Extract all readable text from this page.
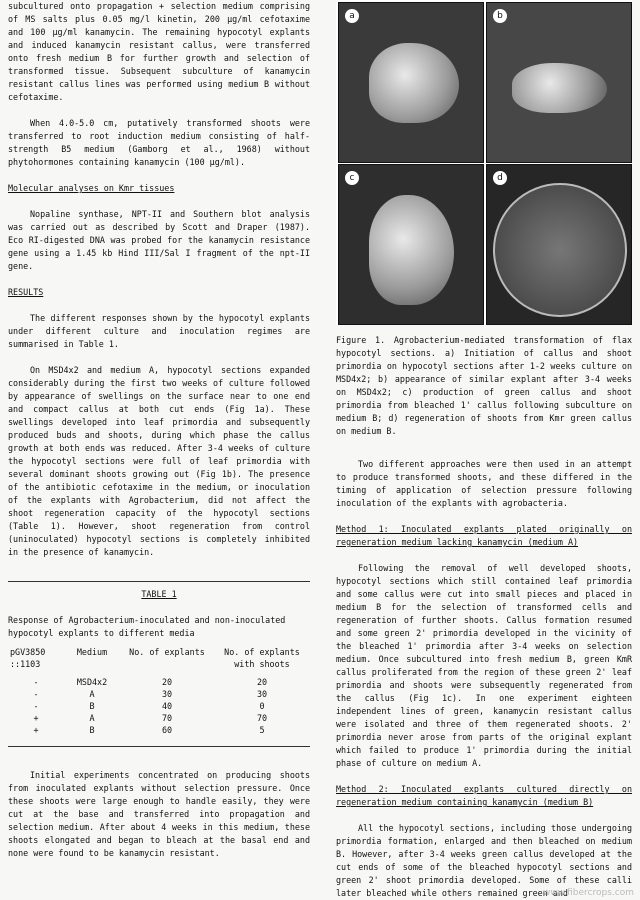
subcultured onto propagation + selection medium comprising of MS salts plus 0.05 mg/l kinetin, 200 µg/ml cefotaxime and 100 µg/ml kanamycin. The remaining hypocotyl explants and induced kanamycin resistant callus, were transferred onto fresh medium B for further growth and selection of transformed tissue. Subsequent subculture of kanamycin resistant callus lines was performed using medium B without cefotaxime.

When 4.0-5.0 cm, putatively transformed shoots were transferred to root induction medium consisting of half-strength B5 medium (Gamborg et al., 1968) without phytohormones containing kanamycin (100 µg/ml).

Molecular analyses on Kmr tissues

Nopaline synthase, NPT-II and Southern blot analysis was carried out as described by Scott and Draper (1987). Eco RI-digested DNA was probed for the kanamycin resistance gene using a 1.45 kb Hind III/Sal I fragment of the npt-II gene.

RESULTS

The different responses shown by the hypocotyl explants under different culture and inoculation regimes are summarised in Table 1.

On MSD4x2 and medium A, hypocotyl sections expanded considerably during the first two weeks of culture followed by appearance of swellings on the surface near to one end and compact callus at both cut ends (Fig 1a). These swellings developed into leaf primordia and subsequently produced buds and shoots, during which phase the callus growth at both ends was reduced. After 3-4 weeks of culture the hypocotyl sections were full of leaf primordia with several dominant shoots growing out (Fig 1b). The presence of the antibiotic cefotaxime in the medium, or inoculation of the explants with Agrobacterium, did not affect the shoot regeneration capacity of the hypocotyl sections (Table 1). However, shoot regeneration from control (uninoculated) hypocotyl sections is completely inhibited in the presence of kanamycin.

TABLE 1

Response of Agrobacterium-inoculated and non-inoculated hypocotyl explants to different media

pGV3850 ::1103	Medium	No. of explants	No. of explants with shoots

-	MSD4x2	20	20
-	A	30	30
-	B	40	0
+	A	70	70
+	B	60	5

Initial experiments concentrated on producing shoots from inoculated explants without selection pressure. Once these shoots were large enough to handle easily, they were cut at the base and transferred into propagation and selection medium. After about 4 weeks in this medium, these shoots elongated and began to bleach at the basal end and none were found to be kanamycin resistant.

a	b
c	d

Figure 1. Agrobacterium-mediated transformation of flax hypocotyl sections. a) Initiation of callus and shoot primordia on hypocotyl sections after 1-2 weeks culture on MSD4x2; b) appearance of similar explant after 3-4 weeks on MSD4x2; c) production of green callus and shoot primordia from bleached 1' callus following subculture on medium B; d) regeneration of shoots from Kmr green callus on medium B.

Two different approaches were then used in an attempt to produce transformed shoots, and these differed in the timing of application of selection pressure following inoculation of the explants with agrobacteria.

Method 1: Inoculated explants plated originally on regeneration medium lacking kanamycin (medium A)

Following the removal of well developed shoots, hypocotyl sections which still contained leaf primordia and some callus were cut into small pieces and placed in medium B for the selection of transformed cells and regeneration of further shoots. Callus formation resumed and some green 2' primordia developed in the vicinity of the bleached 1' primordia after 3-4 weeks on selection medium. Once subcultured into fresh medium B, green KmR callus proliferated from the region of these green 2' leaf primordia and shoots were subsequently regenerated from the callus (Fig 1c). In one experiment eighteen independent lines of green, kanamycin resistant callus were isolated and three of them regenerated shoots. 2' primordia never arose from parts of the original explant which failed to produce 1' primordia during the initial phase of culture on medium A.

Method 2: Inoculated explants cultured directly on regeneration medium containing kanamycin (medium B)

All the hypocotyl sections, including those undergoing primordia formation, enlarged and then bleached on medium B. However, after 3-4 weeks green callus developed at the cut ends of some of the bleached hypocotyl sections and green 2' shoot primordia developed. Some of these calli later bleached while others remained green and

www.fibercrops.com
